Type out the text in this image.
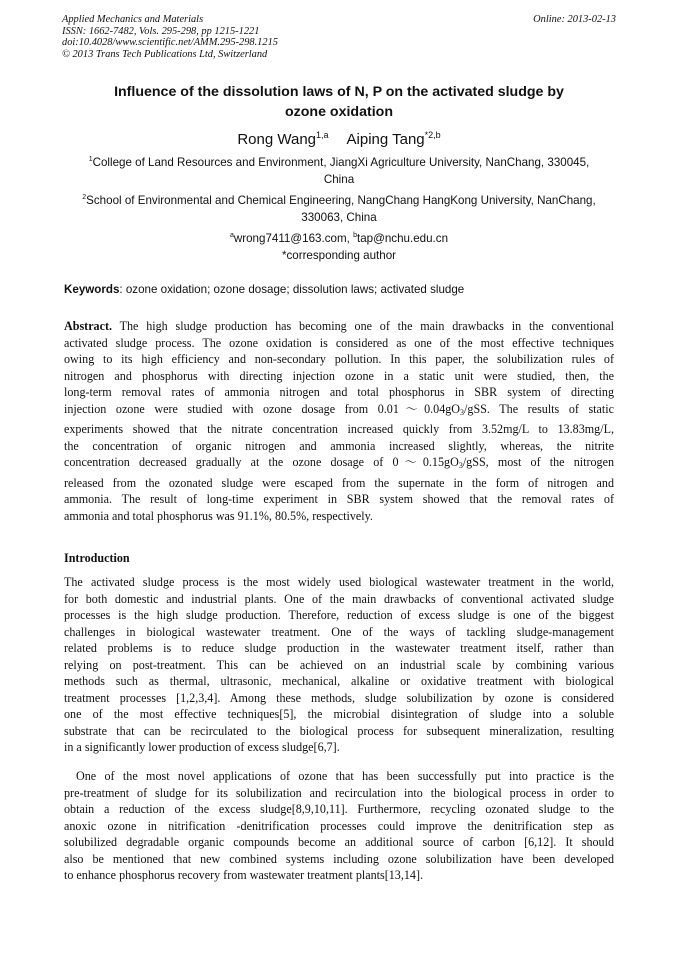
Applied Mechanics and Materials
ISSN: 1662-7482, Vols. 295-298, pp 1215-1221
doi:10.4028/www.scientific.net/AMM.295-298.1215
© 2013 Trans Tech Publications Ltd, Switzerland
Online: 2013-02-13
Influence of the dissolution laws of N, P on the activated sludge by
ozone oxidation
Rong Wang$^{1,a}$ Aiping Tang$^{*2,b}$
$^1$College of Land Resources and Environment, JiangXi Agriculture University, NanChang, 330045,
China
$^2$School of Environmental and Chemical Engineering, NangChang HangKong University, NanChang,
330063, China
$^a$wrong7411@163.com, $^b$tap@nchu.edu.cn
*corresponding author
Keywords: ozone oxidation; ozone dosage; dissolution laws; activated sludge
Abstract. The high sludge production has becoming one of the main drawbacks in the conventional
activated sludge process. The ozone oxidation is considered as one of the most effective techniques
owing to its high efficiency and non-secondary pollution. In this paper, the solubilization rules of
nitrogen and phosphorus with directing injection ozone in a static unit were studied, then, the
long-term removal rates of ammonia nitrogen and total phosphorus in SBR system of directing
injection ozone were studied with ozone dosage from $0.01\sim 0.04gO_3$/gSS. The results of static
experiments showed that the nitrate concentration increased quickly from 3.52mg/L to 13.83mg/L,
the concentration of organic nitrogen and ammonia increased slightly, whereas, the nitrite
concentration decreased gradually at the ozone dosage of $0\sim 0.15gO_3$/gSS, most of the nitrogen
released from the ozonated sludge were escaped from the supernate in the form of nitrogen and
ammonia. The result of long-time experiment in SBR system showed that the removal rates of
ammonia and total phosphorus was 91.1%, 80.5%, respectively.
Introduction
The activated sludge process is the most widely used biological wastewater treatment in the world,
for both domestic and industrial plants. One of the main drawbacks of conventional activated sludge
processes is the high sludge production. Therefore, reduction of excess sludge is one of the biggest
challenges in biological wastewater treatment. One of the ways of tackling sludge-management
related problems is to reduce sludge production in the wastewater treatment itself, rather than
relying on post-treatment. This can be achieved on an industrial scale by combining various
methods such as thermal, ultrasonic, mechanical, alkaline or oxidative treatment with biological
treatment processes [1,2,3,4]. Among these methods, sludge solubilization by ozone is considered
one of the most effective techniques[5], the microbial disintegration of sludge into a soluble
substrate that can be recirculated to the biological process for subsequent mineralization, resulting
in a significantly lower production of excess sludge[6,7].
One of the most novel applications of ozone that has been successfully put into practice is the
pre-treatment of sludge for its solubilization and recirculation into the biological process in order to
obtain a reduction of the excess sludge[8,9,10,11]. Furthermore, recycling ozonated sludge to the
anoxic ozone in nitrification -denitrification processes could improve the denitrification step as
solubilized degradable organic compounds become an additional source of carbon [6,12]. It should
also be mentioned that new combined systems including ozone solubilization have been developed
to enhance phosphorus recovery from wastewater treatment plants[13,14].
